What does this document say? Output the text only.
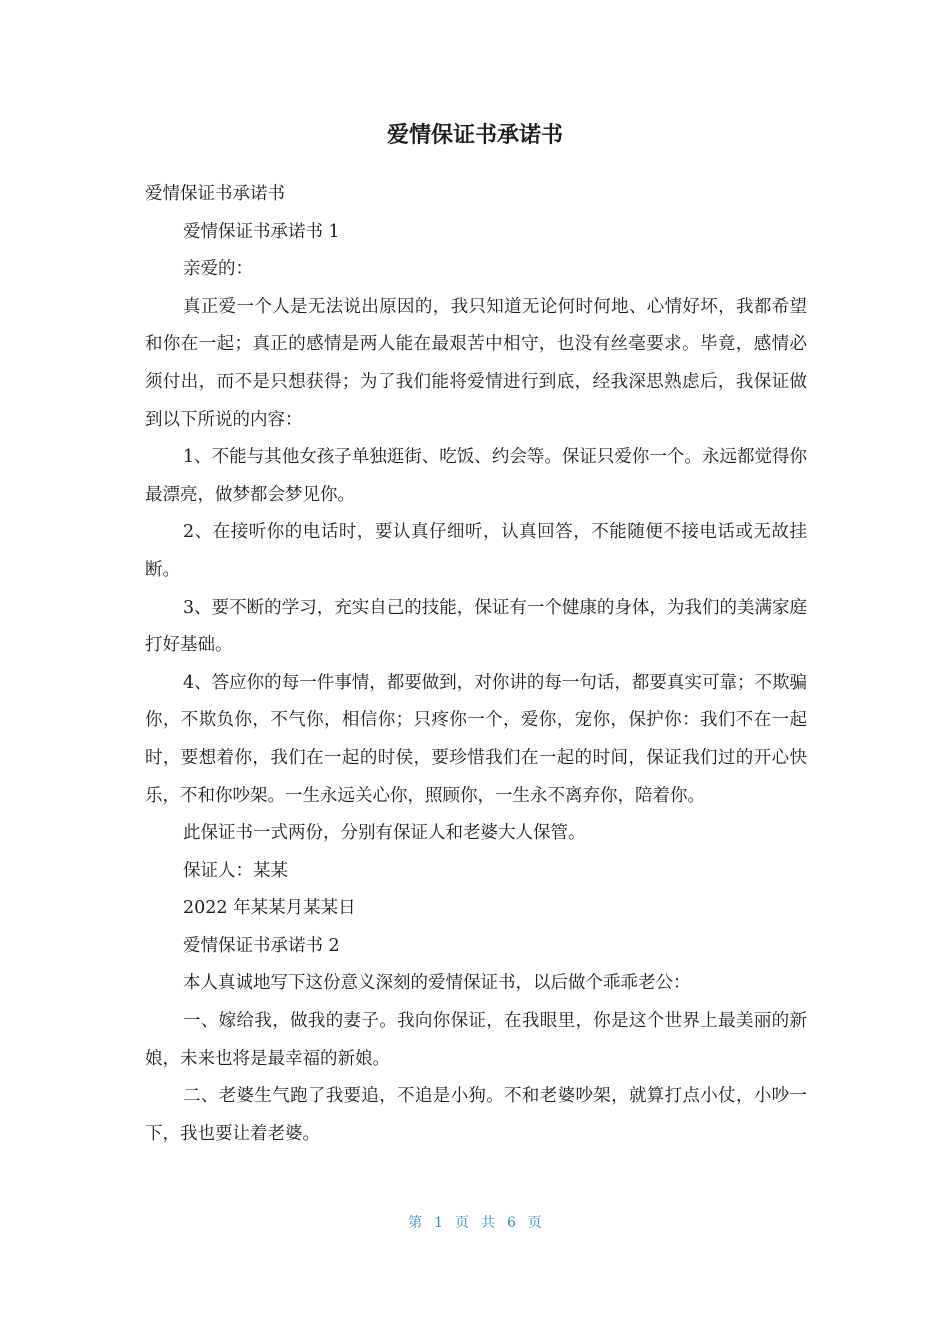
爱情保证书承诺书

爱情保证书承诺书

爱情保证书承诺书 1

亲爱的：

真正爱一个人是无法说出原因的，我只知道无论何时何地、心情好坏，我都希望和你在一起；真正的感情是两人能在最艰苦中相守，也没有丝毫要求。毕竟，感情必须付出，而不是只想获得；为了我们能将爱情进行到底，经我深思熟虑后，我保证做到以下所说的内容：

1、不能与其他女孩子单独逛街、吃饭、约会等。保证只爱你一个。永远都觉得你最漂亮，做梦都会梦见你。

2、在接听你的电话时，要认真仔细听，认真回答，不能随便不接电话或无故挂断。

3、要不断的学习，充实自己的技能，保证有一个健康的身体，为我们的美满家庭打好基础。

4、答应你的每一件事情，都要做到，对你讲的每一句话，都要真实可靠；不欺骗你，不欺负你，不气你，相信你；只疼你一个，爱你，宠你，保护你：我们不在一起时，要想着你，我们在一起的时侯，要珍惜我们在一起的时间，保证我们过的开心快乐，不和你吵架。一生永远关心你，照顾你，一生永不离弃你，陪着你。

此保证书一式两份，分别有保证人和老婆大人保管。

保证人：某某

2022 年某某月某某日

爱情保证书承诺书 2

本人真诚地写下这份意义深刻的爱情保证书，以后做个乖乖老公：

一、嫁给我，做我的妻子。我向你保证，在我眼里，你是这个世界上最美丽的新娘，未来也将是最幸福的新娘。

二、老婆生气跑了我要追，不追是小狗。不和老婆吵架，就算打点小仗，小吵一下，我也要让着老婆。

第 1 页 共 6 页
